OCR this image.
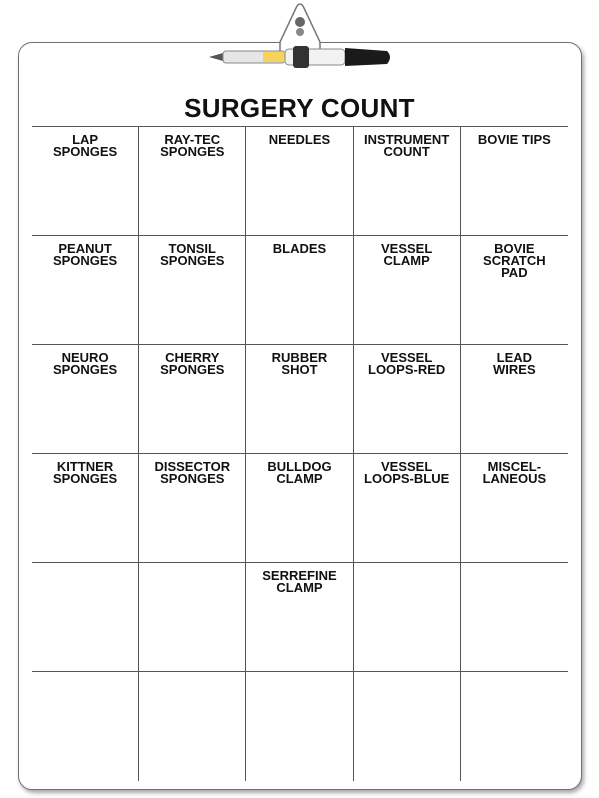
SURGERY COUNT
LAP
SPONGES
RAY-TEC
SPONGES
NEEDLES	INSTRUMENT
COUNT
BOVIE TIPS
PEANUT
SPONGES
TONSIL
SPONGES
BLADES	VESSEL
CLAMP
BOVIE
SCRATCH
PAD
NEURO
SPONGES
CHERRY
SPONGES
RUBBER
SHOT
VESSEL
LOOPS-RED
LEAD
WIRES
KITTNER
SPONGES
DISSECTOR
SPONGES
BULLDOG
CLAMP
VESSEL
LOOPS-BLUE
MISCEL-
LANEOUS
SERREFINE
CLAMP
